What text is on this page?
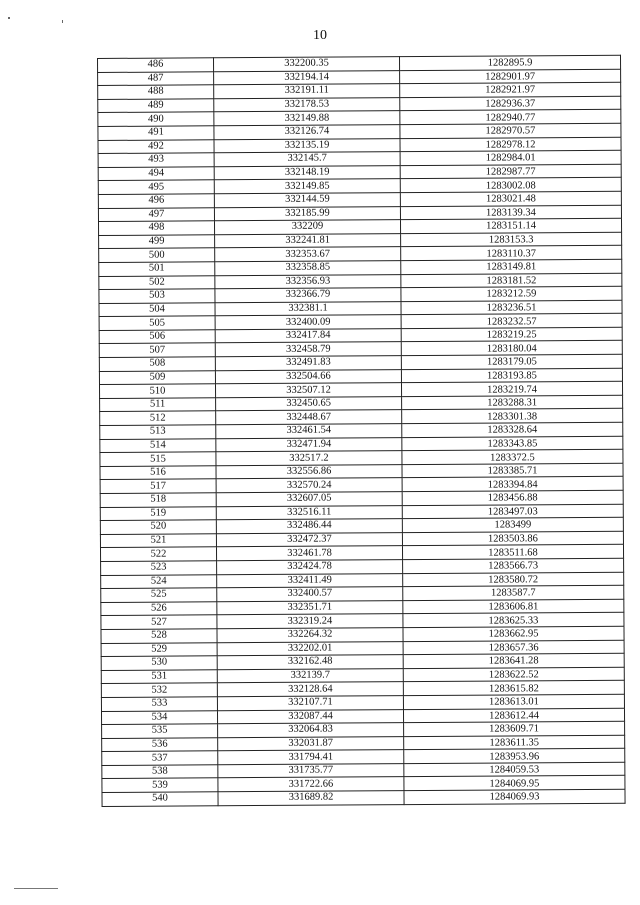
10
486	332200.35	1282895.9
487	332194.14	1282901.97
488	332191.11	1282921.97
489	332178.53	1282936.37
490	332149.88	1282940.77
491	332126.74	1282970.57
492	332135.19	1282978.12
493	332145.7	1282984.01
494	332148.19	1282987.77
495	332149.85	1283002.08
496	332144.59	1283021.48
497	332185.99	1283139.34
498	332209	1283151.14
499	332241.81	1283153.3
500	332353.67	1283110.37
501	332358.85	1283149.81
502	332356.93	1283181.52
503	332366.79	1283212.59
504	332381.1	1283236.51
505	332400.09	1283232.57
506	332417.84	1283219.25
507	332458.79	1283180.04
508	332491.83	1283179.05
509	332504.66	1283193.85
510	332507.12	1283219.74
511	332450.65	1283288.31
512	332448.67	1283301.38
513	332461.54	1283328.64
514	332471.94	1283343.85
515	332517.2	1283372.5
516	332556.86	1283385.71
517	332570.24	1283394.84
518	332607.05	1283456.88
519	332516.11	1283497.03
520	332486.44	1283499
521	332472.37	1283503.86
522	332461.78	1283511.68
523	332424.78	1283566.73
524	332411.49	1283580.72
525	332400.57	1283587.7
526	332351.71	1283606.81
527	332319.24	1283625.33
528	332264.32	1283662.95
529	332202.01	1283657.36
530	332162.48	1283641.28
531	332139.7	1283622.52
532	332128.64	1283615.82
533	332107.71	1283613.01
534	332087.44	1283612.44
535	332064.83	1283609.71
536	332031.87	1283611.35
537	331794.41	1283953.96
538	331735.77	1284059.53
539	331722.66	1284069.95
540	331689.82	1284069.93
